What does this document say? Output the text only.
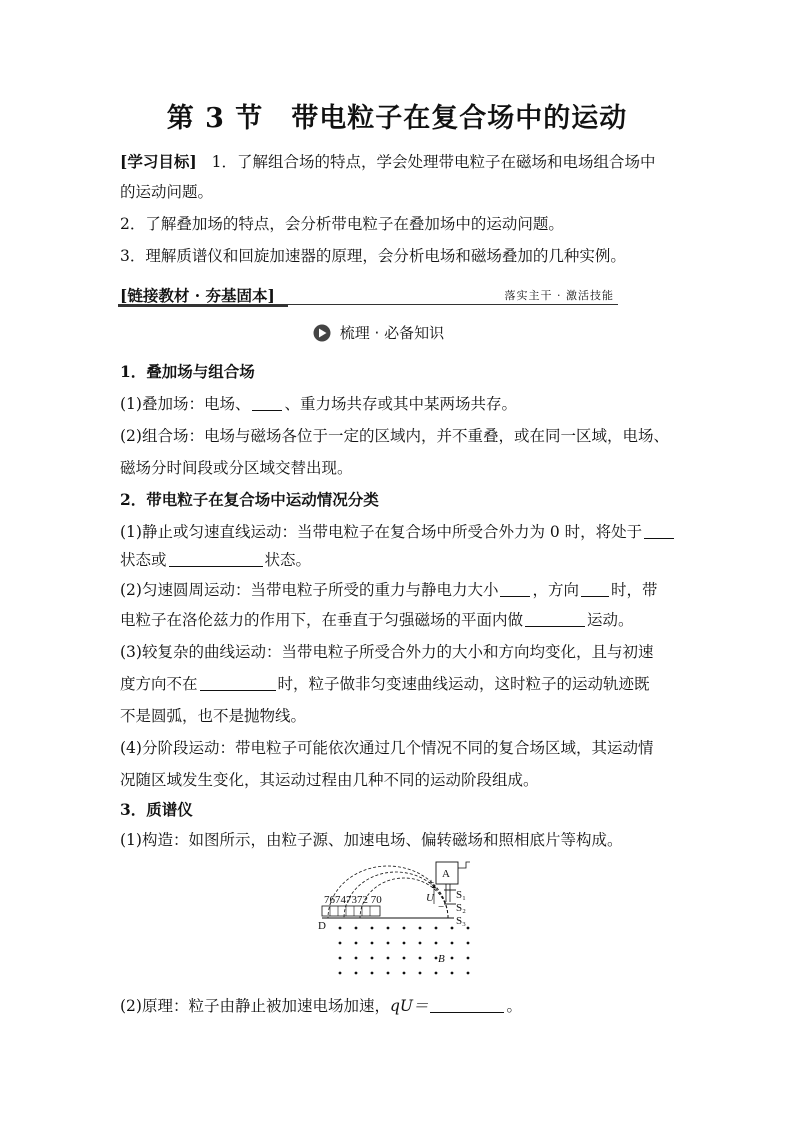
第 3 节　带电粒子在复合场中的运动
[学习目标] 1．了解组合场的特点，学会处理带电粒子在磁场和电场组合场中
的运动问题。
2．了解叠加场的特点，会分析带电粒子在叠加场中的运动问题。
3．理解质谱仪和回旋加速器的原理，会分析电场和磁场叠加的几种实例。
[链接教材 · 夯基固本]	落实主干 · 激活技能
梳理 · 必备知识
1．叠加场与组合场
(1)叠加场：电场、 、重力场共存或其中某两场共存。
(2)组合场：电场与磁场各位于一定的区域内，并不重叠，或在同一区域，电场、
磁场分时间段或分区域交替出现。
2．带电粒子在复合场中运动情况分类
(1)静止或匀速直线运动：当带电粒子在复合场中所受合外力为 0 时，将处于
状态或	状态。
(2)匀速圆周运动：当带电粒子所受的重力与静电力大小 ，方向 时，带
电粒子在洛伦兹力的作用下，在垂直于匀强磁场的平面内做	运动。
(3)较复杂的曲线运动：当带电粒子所受合外力的大小和方向均变化，且与初速
度方向不在	时，粒子做非匀变速曲线运动，这时粒子的运动轨迹既
不是圆弧，也不是抛物线。
(4)分阶段运动：带电粒子可能依次通过几个情况不同的复合场区域，其运动情
况随区域发生变化，其运动过程由几种不同的运动阶段组成。
3．质谱仪
(1)构造：如图所示，由粒子源、加速电场、偏转磁场和照相底片等构成。
76747372 70
A
S₁
S₂
S₃
U
+
−
D
B
(2)原理：粒子由静止被加速电场加速，qU＝	。
